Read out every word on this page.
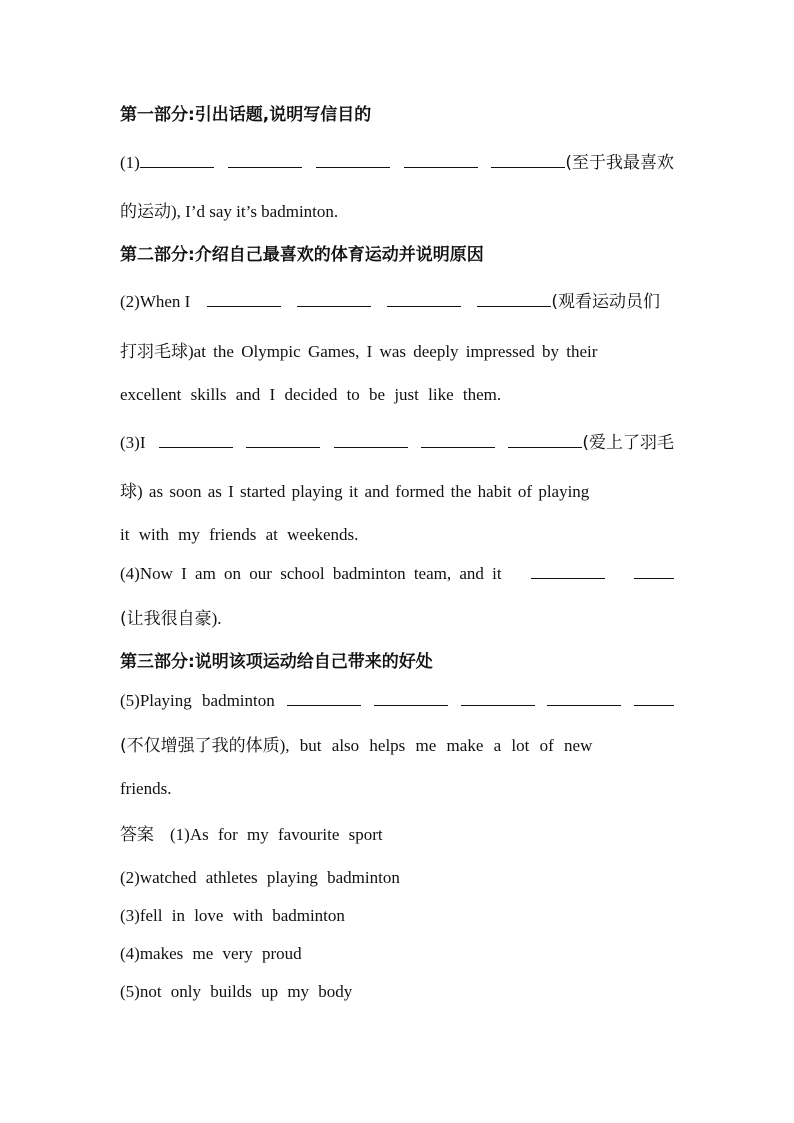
第一部分:引出话题,说明写信目的
(1)	(至于我最喜欢
的运动), I’d say it’s badminton.
第二部分:介绍自己最喜欢的体育运动并说明原因
(2)When I	(观看运动员们
打羽毛球)at the Olympic Games, I was deeply impressed by their
excellent skills and I decided to be just like them.
(3)I	(爱上了羽毛
球) as soon as I started playing it and formed the habit of playing
it with my friends at weekends.
(4)Now I am on our school badminton team, and it
(让我很自豪).
第三部分:说明该项运动给自己带来的好处
(5)Playing badminton
(不仅增强了我的体质), but also helps me make a lot of new
friends.
答案 (1)As for my favourite sport
(2)watched athletes playing badminton
(3)fell in love with badminton
(4)makes me very proud
(5)not only builds up my body
